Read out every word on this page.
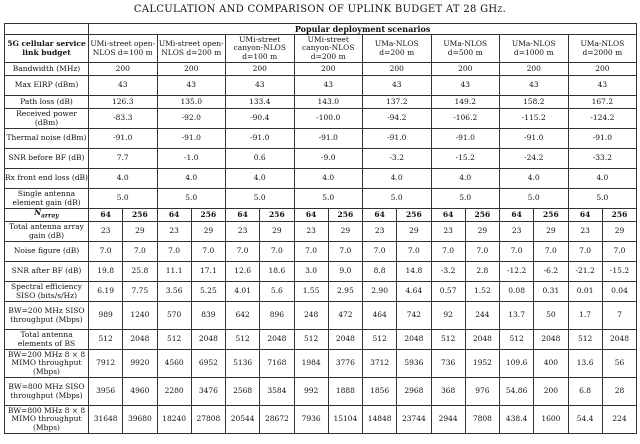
CALCULATION AND COMPARISON OF UPLINK BUDGET AT 28 GHz.
	Popular deployment scenarios															
5G cellular service link budget	UMi-street open-NLOS d=100 m		UMi-street open-NLOS d=200 m		UMi-street canyon-NLOS d=100 m		UMi-street canyon-NLOS d=200 m		UMa-NLOS d=200 m		UMa-NLOS d=500 m		UMa-NLOS d=1000 m		UMa-NLOS d=2000 m	
Bandwidth (MHz)	200		200		200		200		200		200		200		200	
Max EIRP (dBm)	43		43		43		43		43		43		43		43	
Path loss (dB)	126.3		135.0		133.4		143.0		137.2		149.2		158.2		167.2	
Received power (dBm)	-83.3		-92.0		-90.4		-100.0		-94.2		-106.2		-115.2		-124.2	
Thermal noise (dBm)	-91.0		-91.0		-91.0		-91.0		-91.0		-91.0		-91.0		-91.0	
SNR before BF (dB)	7.7		-1.0		0.6		-9.0		-3.2		-15.2		-24.2		-33.2	
Rx front end loss (dB)	4.0		4.0		4.0		4.0		4.0		4.0		4.0		4.0	
Single antenna element gain (dB)	5.0		5.0		5.0		5.0		5.0		5.0		5.0		5.0	
$N_{array}$	64	256	64	256	64	256	64	256	64	256	64	256	64	256	64	256
Total antenna array gain (dB)	23	29	23	29	23	29	23	29	23	29	23	29	23	29	23	29
Noise figure (dB)	7.0	7.0	7.0	7.0	7.0	7.0	7.0	7.0	7.0	7.0	7.0	7.0	7.0	7.0	7.0	7.0
SNR after BF (dB)	19.8	25.8	11.1	17.1	12.6	18.6	3.0	9.0	8.8	14.8	-3.2	2.8	-12.2	-6.2	-21.2	-15.2
Spectral efficiency SISO (bits/s/Hz)	6.19	7.75	3.56	5.25	4.01	5.6	1.55	2.95	2.90	4.64	0.57	1.52	0.08	0.31	0.01	0.04
BW=200 MHz SISO throughput (Mbps)	989	1240	570	839	642	896	248	472	464	742	92	244	13.7	50	1.7	7
Total antenna elements of BS	512	2048	512	2048	512	2048	512	2048	512	2048	512	2048	512	2048	512	2048
BW=200 MHz 8 × 8 MIMO throughput (Mbps)	7912	9920	4560	6952	5136	7168	1984	3776	3712	5936	736	1952	109.6	400	13.6	56
BW=800 MHz SISO throughput (Mbps)	3956	4960	2280	3476	2568	3584	992	1888	1856	2968	368	976	54.86	200	6.8	28
BW=800 MHz 8 × 8 MIMO throughput (Mbps)	31648	39680	18240	27808	20544	28672	7936	15104	14848	23744	2944	7808	438.4	1600	54.4	224
